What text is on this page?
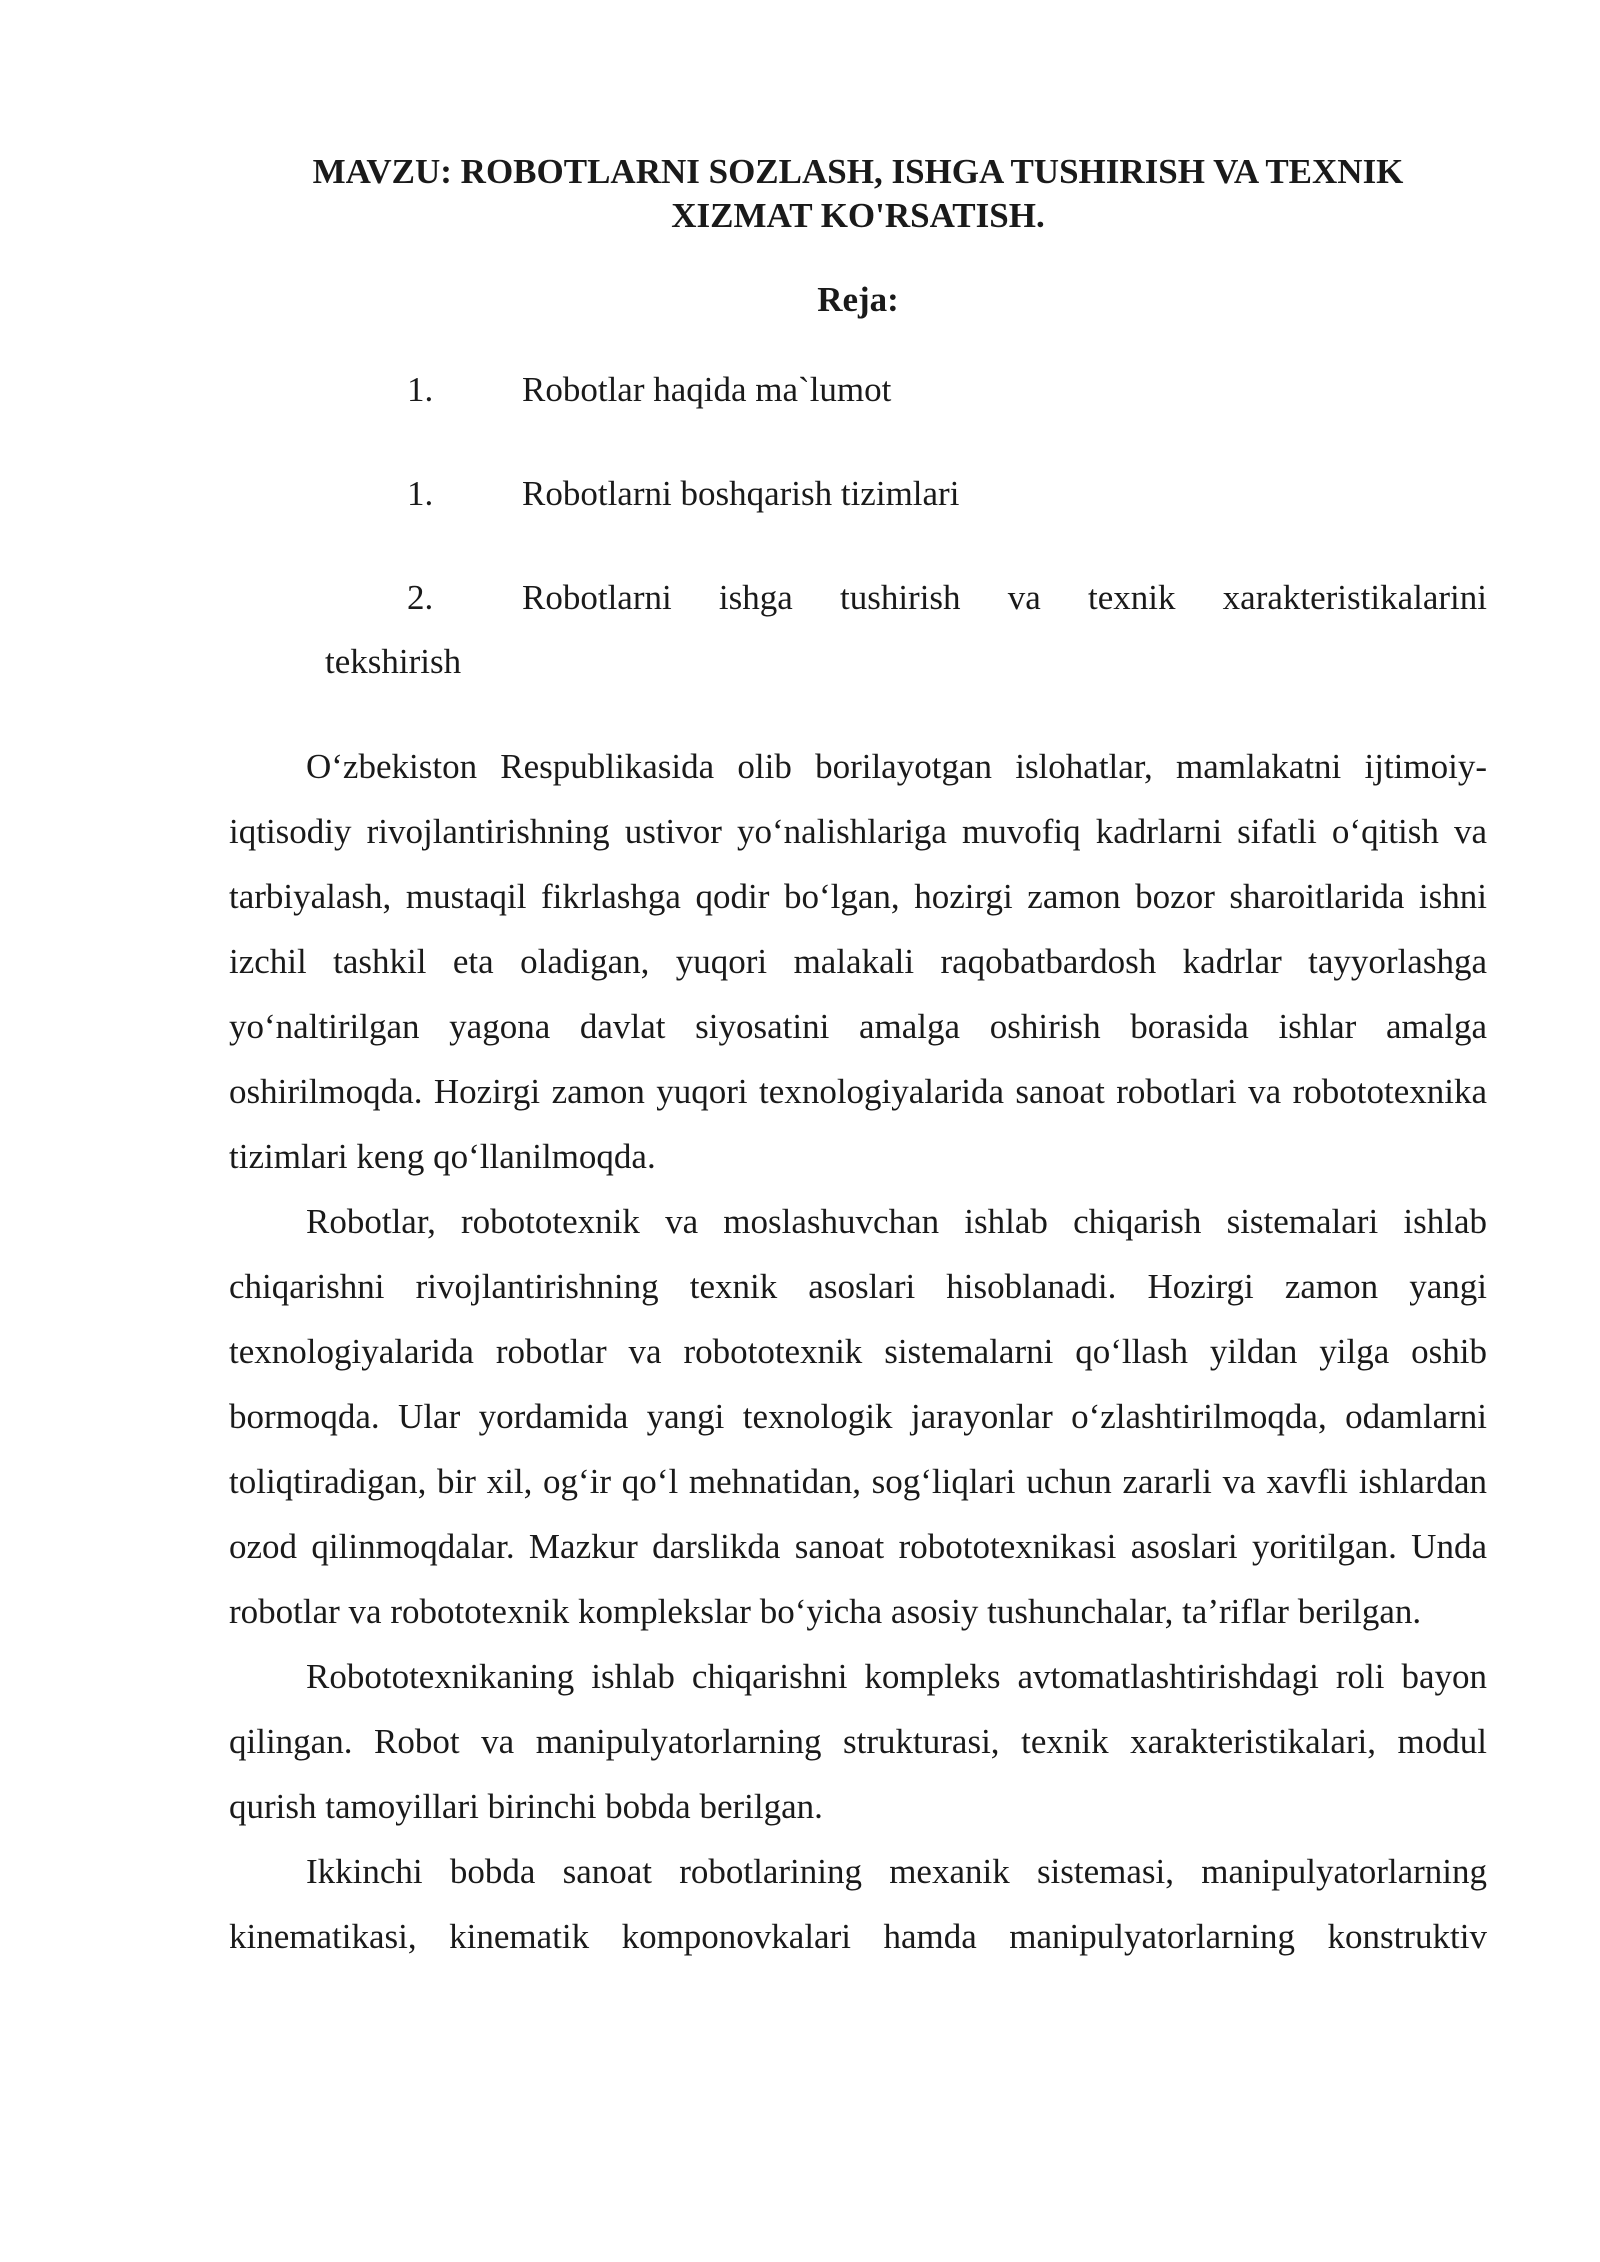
MAVZU: ROBOTLARNI SOZLASH, ISHGA TUSHIRISH VA TEXNIK
XIZMAT KO'RSATISH.
Reja:
1.	Robotlar haqida ma`lumot
1.	Robotlarni boshqarish tizimlari
2.	Robotlarni ishga tushirish va texnik xarakteristikalarini
tekshirish

O‘zbekiston Respublikasida olib borilayotgan islohatlar, mamlakatni ijtimoiy-iqtisodiy rivojlantirishning ustivor yo‘nalishlariga muvofiq kadrlarni sifatli o‘qitish va tarbiyalash, mustaqil fikrlashga qodir bo‘lgan, hozirgi zamon bozor sharoitlarida ishni izchil tashkil eta oladigan, yuqori malakali raqobatbardosh kadrlar tayyorlashga yo‘naltirilgan yagona davlat siyosatini amalga oshirish borasida ishlar amalga oshirilmoqda. Hozirgi zamon yuqori texnologiyalarida sanoat robotlari va robototexnika tizimlari keng qo‘llanilmoqda.

Robotlar, robototexnik va moslashuvchan ishlab chiqarish sistemalari ishlab chiqarishni rivojlantirishning texnik asoslari hisoblanadi. Hozirgi zamon yangi texnologiyalarida robotlar va robototexnik sistemalarni qo‘llash yildan yilga oshib bormoqda. Ular yordamida yangi texnologik jarayonlar o‘zlashtirilmoqda, odamlarni toliqtiradigan, bir xil, og‘ir qo‘l mehnatidan, sog‘liqlari uchun zararli va xavfli ishlardan ozod qilinmoqdalar. Mazkur darslikda sanoat robototexnikasi asoslari yoritilgan. Unda robotlar va robototexnik komplekslar bo‘yicha asosiy tushunchalar, ta’riflar berilgan.

Robototexnikaning ishlab chiqarishni kompleks avtomatlashtirishdagi roli bayon qilingan. Robot va manipulyatorlarning strukturasi, texnik xarakteristikalari, modul qurish tamoyillari birinchi bobda berilgan.

Ikkinchi bobda sanoat robotlarining mexanik sistemasi, manipulyatorlarning kinematikasi, kinematik komponovkalari hamda manipulyatorlarning konstruktiv
